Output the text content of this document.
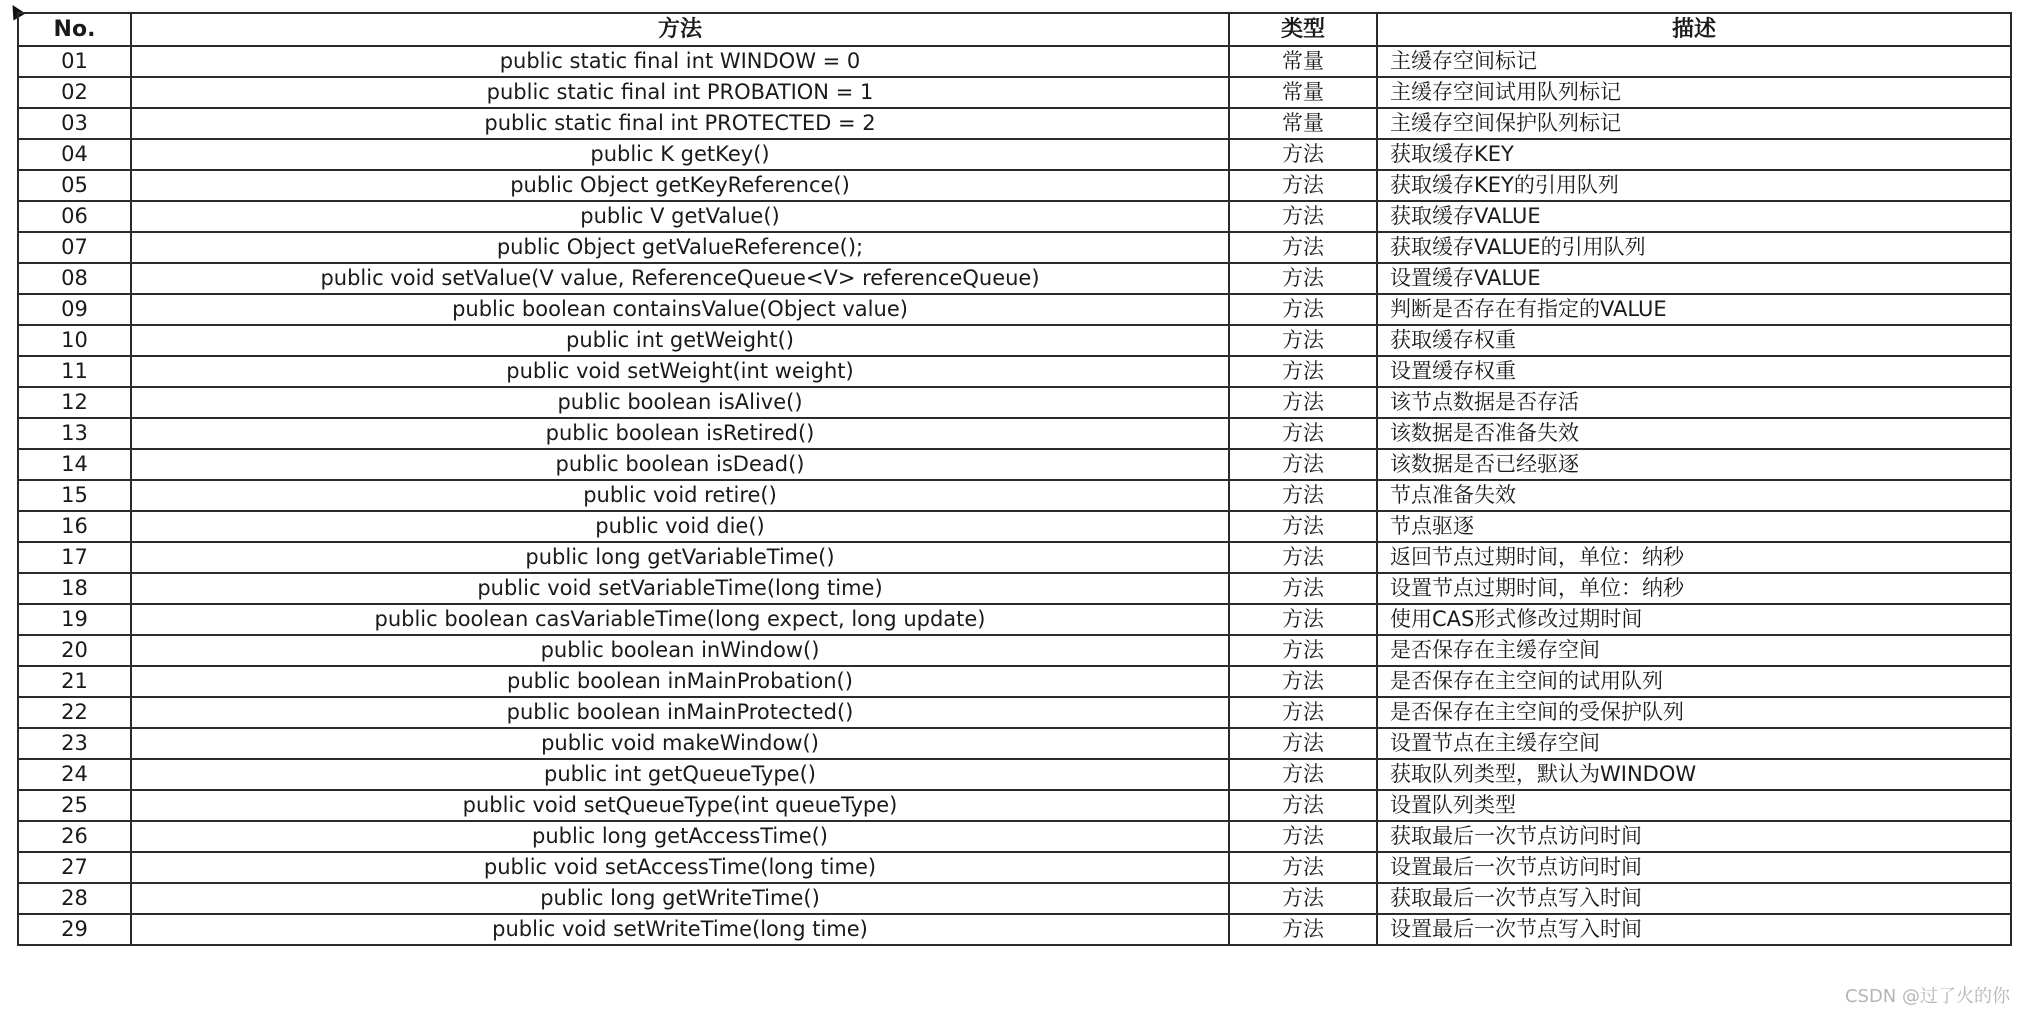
No.	方法	类型	描述
01	public static final int WINDOW = 0	常量	主缓存空间标记
02	public static final int PROBATION = 1	常量	主缓存空间试用队列标记
03	public static final int PROTECTED = 2	常量	主缓存空间保护队列标记
04	public K getKey()	方法	获取缓存KEY
05	public Object getKeyReference()	方法	获取缓存KEY的引用队列
06	public V getValue()	方法	获取缓存VALUE
07	public Object getValueReference();	方法	获取缓存VALUE的引用队列
08	public void setValue(V value, ReferenceQueue<V> referenceQueue)	方法	设置缓存VALUE
09	public boolean containsValue(Object value)	方法	判断是否存在有指定的VALUE
10	public int getWeight()	方法	获取缓存权重
11	public void setWeight(int weight)	方法	设置缓存权重
12	public boolean isAlive()	方法	该节点数据是否存活
13	public boolean isRetired()	方法	该数据是否准备失效
14	public boolean isDead()	方法	该数据是否已经驱逐
15	public void retire()	方法	节点准备失效
16	public void die()	方法	节点驱逐
17	public long getVariableTime()	方法	返回节点过期时间，单位：纳秒
18	public void setVariableTime(long time)	方法	设置节点过期时间，单位：纳秒
19	public boolean casVariableTime(long expect, long update)	方法	使用CAS形式修改过期时间
20	public boolean inWindow()	方法	是否保存在主缓存空间
21	public boolean inMainProbation()	方法	是否保存在主空间的试用队列
22	public boolean inMainProtected()	方法	是否保存在主空间的受保护队列
23	public void makeWindow()	方法	设置节点在主缓存空间
24	public int getQueueType()	方法	获取队列类型，默认为WINDOW
25	public void setQueueType(int queueType)	方法	设置队列类型
26	public long getAccessTime()	方法	获取最后一次节点访问时间
27	public void setAccessTime(long time)	方法	设置最后一次节点访问时间
28	public long getWriteTime()	方法	获取最后一次节点写入时间
29	public void setWriteTime(long time)	方法	设置最后一次节点写入时间
CSDN @过了火的你
